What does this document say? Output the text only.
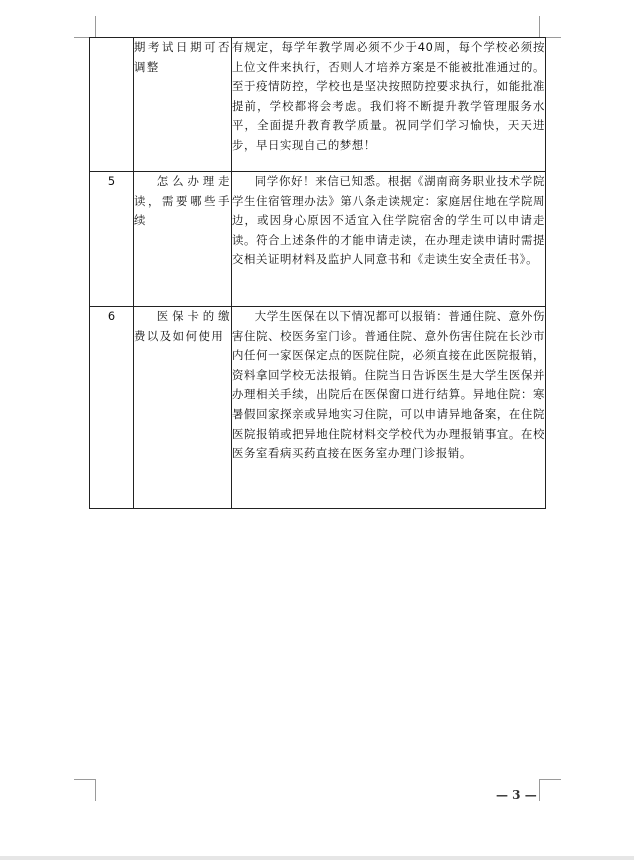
	期考试日期可否调整	有规定，每学年教学周必须不少于40周，每个学校必须按上位文件来执行，否则人才培养方案是不能被批准通过的。至于疫情防控，学校也是坚决按照防控要求执行，如能批准提前，学校都将会考虑。我们将不断提升教学管理服务水平，全面提升教育教学质量。祝同学们学习愉快，天天进步，早日实现自己的梦想！
5	怎么办理走读，需要哪些手续	同学你好！来信已知悉。根据《湖南商务职业技术学院学生住宿管理办法》第八条走读规定：家庭居住地在学院周边，或因身心原因不适宜入住学院宿舍的学生可以申请走读。符合上述条件的才能申请走读，在办理走读申请时需提交相关证明材料及监护人同意书和《走读生安全责任书》。

6	医保卡的缴费以及如何使用	大学生医保在以下情况都可以报销：普通住院、意外伤害住院、校医务室门诊。普通住院、意外伤害住院在长沙市内任何一家医保定点的医院住院，必须直接在此医院报销，资料拿回学校无法报销。住院当日告诉医生是大学生医保并办理相关手续，出院后在医保窗口进行结算。异地住院：寒暑假回家探亲或异地实习住院，可以申请异地备案，在住院医院报销或把异地住院材料交学校代为办理报销事宜。在校医务室看病买药直接在医务室办理门诊报销。
— 3 —
